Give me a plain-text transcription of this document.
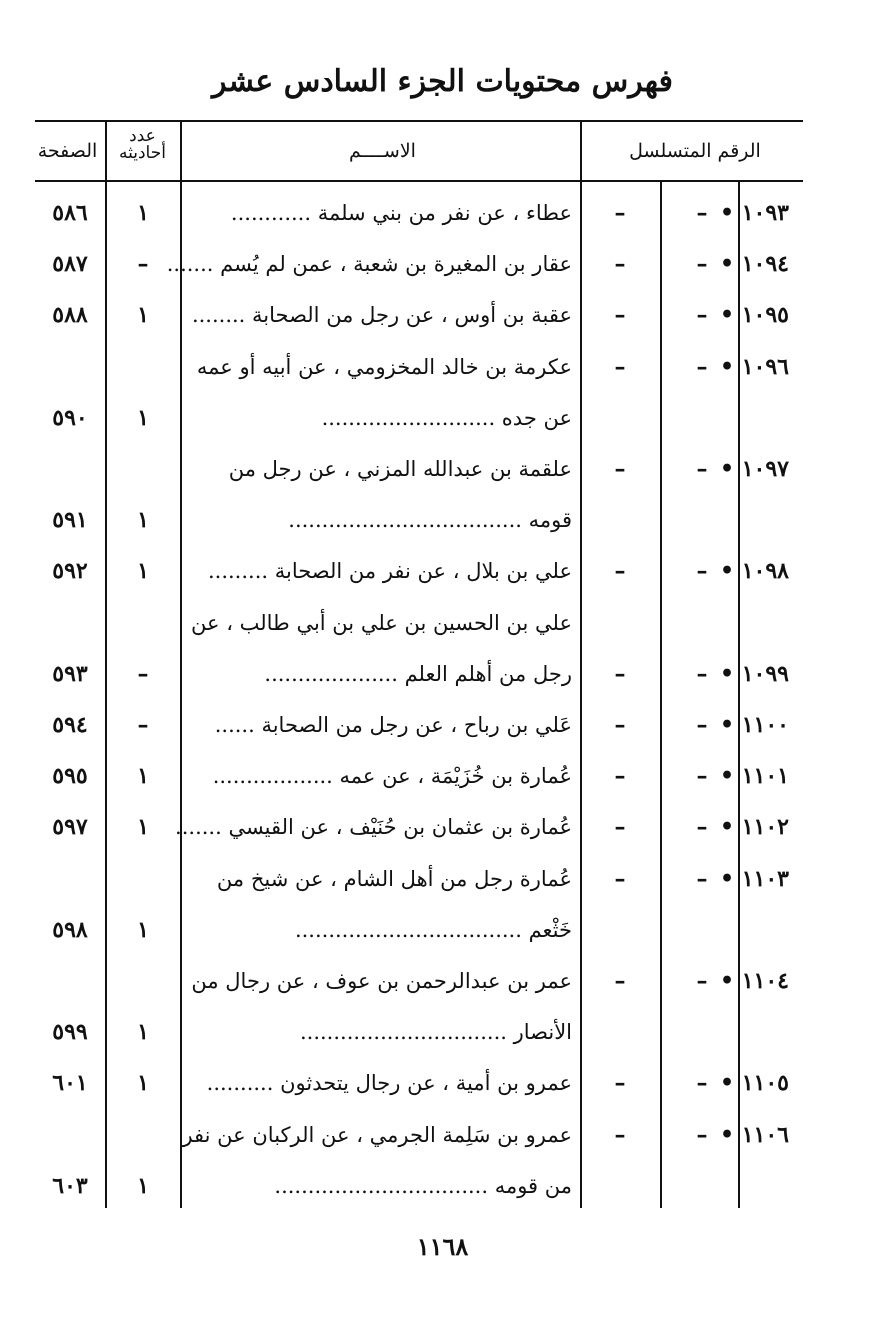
فهرس محتويات الجزء السادس عشر
الرقم المتسلسل
الاســــم
عدد
أحاديثه
الصفحة
١٠٩٣ •
–
–
عطاء ، عن نفر من بني سلمة ............
١
٥٨٦
١٠٩٤ •
–
–
عقار بن المغيرة بن شعبة ، عمن لم يُسم .......
–
٥٨٧
١٠٩٥ •
–
–
عقبة بن أوس ، عن رجل من الصحابة ........
١
٥٨٨
١٠٩٦ •
–
–
عكرمة بن خالد المخزومي ، عن أبيه أو عمه
عن جده ..........................
١
٥٩٠
١٠٩٧ •
–
–
علقمة بن عبدالله المزني ، عن رجل من
قومه ...................................
١
٥٩١
١٠٩٨ •
–
–
علي بن بلال ، عن نفر من الصحابة .........
١
٥٩٢
علي بن الحسين بن علي بن أبي طالب ، عن
١٠٩٩ •
–
–
رجل من أهلم العلم ....................
–
٥٩٣
١١٠٠ •
–
–
عَلي بن رباح ، عن رجل من الصحابة ......
–
٥٩٤
١١٠١ •
–
–
عُمارة بن خُزَيْمَة ، عن عمه ..................
١
٥٩٥
١١٠٢ •
–
–
عُمارة بن عثمان بن حُنَيْف ، عن القيسي .......
١
٥٩٧
١١٠٣ •
–
–
عُمارة رجل من أهل الشام ، عن شيخ من
خَثْعم ..................................
١
٥٩٨
١١٠٤ •
–
–
عمر بن عبدالرحمن بن عوف ، عن رجال من
الأنصار ...............................
١
٥٩٩
١١٠٥ •
–
–
عمرو بن أمية ، عن رجال يتحدثون ..........
١
٦٠١
١١٠٦ •
–
–
عمرو بن سَلِمة الجرمي ، عن الركبان عن نفر
من قومه ................................
١
٦٠٣
١١٦٨
